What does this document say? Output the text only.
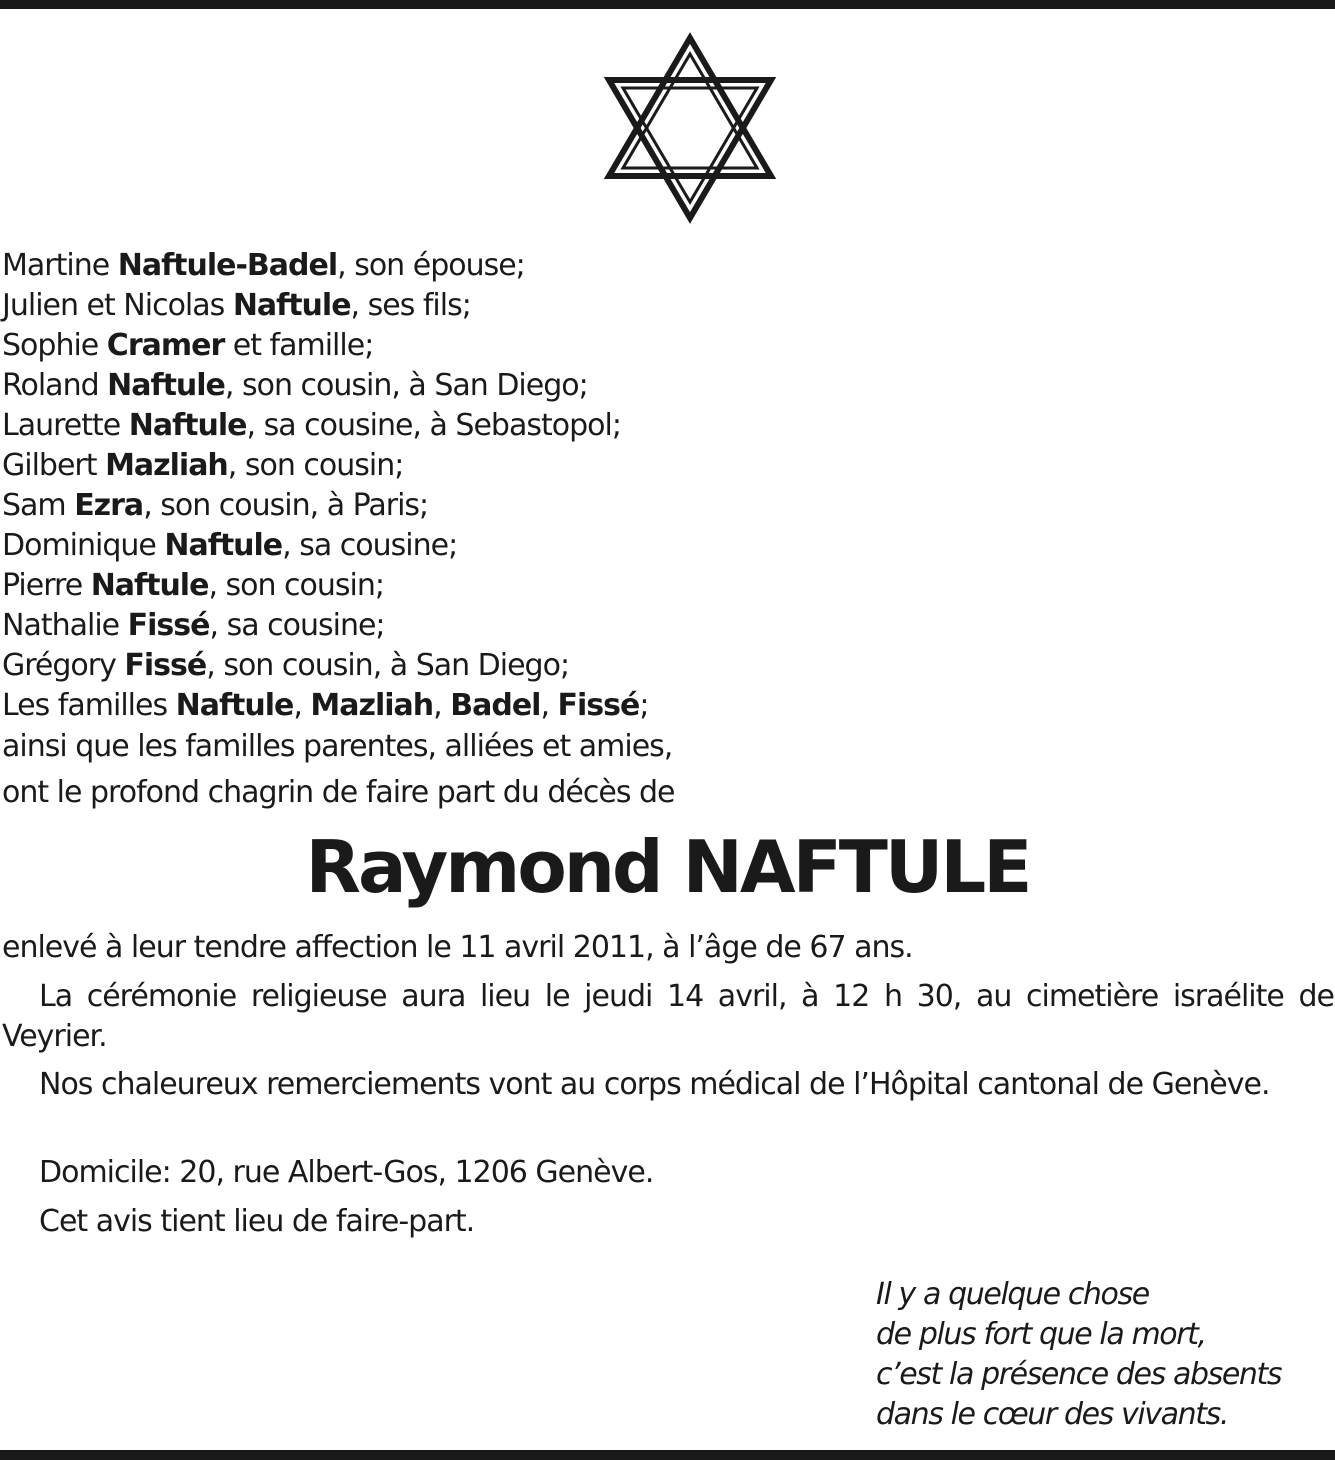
Martine Naftule-Badel, son épouse;
Julien et Nicolas Naftule, ses fils;
Sophie Cramer et famille;
Roland Naftule, son cousin, à San Diego;
Laurette Naftule, sa cousine, à Sebastopol;
Gilbert Mazliah, son cousin;
Sam Ezra, son cousin, à Paris;
Dominique Naftule, sa cousine;
Pierre Naftule, son cousin;
Nathalie Fissé, sa cousine;
Grégory Fissé, son cousin, à San Diego;
Les familles Naftule, Mazliah, Badel, Fissé;

ainsi que les familles parentes, alliées et amies,

ont le profond chagrin de faire part du décès de

Raymond NAFTULE

enlevé à leur tendre affection le 11 avril 2011, à l’âge de 67 ans.

La cérémonie religieuse aura lieu le jeudi 14 avril, à 12 h 30, au cimetière israélite de Veyrier.

Nos chaleureux remerciements vont au corps médical de l’Hôpital cantonal de Genève.

Domicile: 20, rue Albert-Gos, 1206 Genève.

Cet avis tient lieu de faire-part.

Il y a quelque chose
de plus fort que la mort,
c’est la présence des absents
dans le cœur des vivants.
